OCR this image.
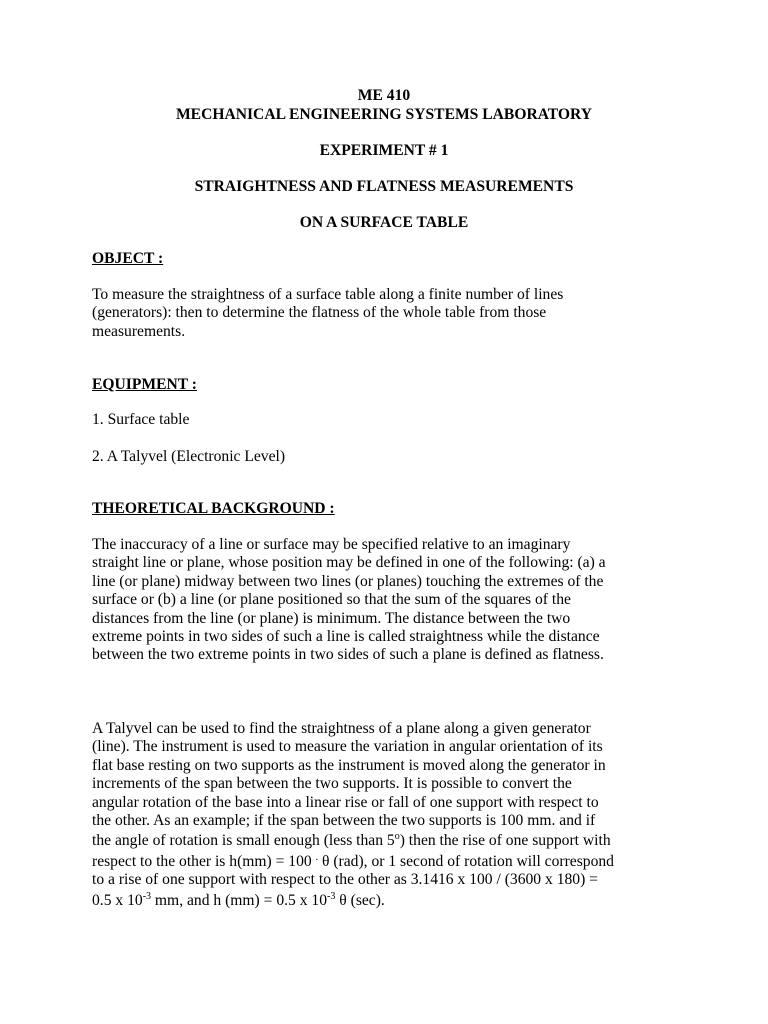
ME 410
MECHANICAL ENGINEERING SYSTEMS LABORATORY
EXPERIMENT # 1
STRAIGHTNESS AND FLATNESS MEASUREMENTS
ON A SURFACE TABLE
OBJECT :
To measure the straightness of a surface table along a finite number of lines
(generators): then to determine the flatness of the whole table from those
measurements.
EQUIPMENT :
1. Surface table
2. A Talyvel (Electronic Level)
THEORETICAL BACKGROUND :
The inaccuracy of a line or surface may be specified relative to an imaginary
straight line or plane, whose position may be defined in one of the following: (a) a
line (or plane) midway between two lines (or planes) touching the extremes of the
surface or (b) a line (or plane positioned so that the sum of the squares of the
distances from the line (or plane) is minimum. The distance between the two
extreme points in two sides of such a line is called straightness while the distance
between the two extreme points in two sides of such a plane is defined as flatness.
A Talyvel can be used to find the straightness of a plane along a given generator
(line). The instrument is used to measure the variation in angular orientation of its
flat base resting on two supports as the instrument is moved along the generator in
increments of the span between the two supports. It is possible to convert the
angular rotation of the base into a linear rise or fall of one support with respect to
the other. As an example; if the span between the two supports is 100 mm. and if
the angle of rotation is small enough (less than 5$^o$) then the rise of one support with
respect to the other is h(mm) = 100 . θ (rad), or 1 second of rotation will correspond
to a rise of one support with respect to the other as 3.1416 x 100 / (3600 x 180) =
0.5 x $10^{-3}$ mm, and h (mm) = 0.5 x $10^{-3}$ θ (sec).
